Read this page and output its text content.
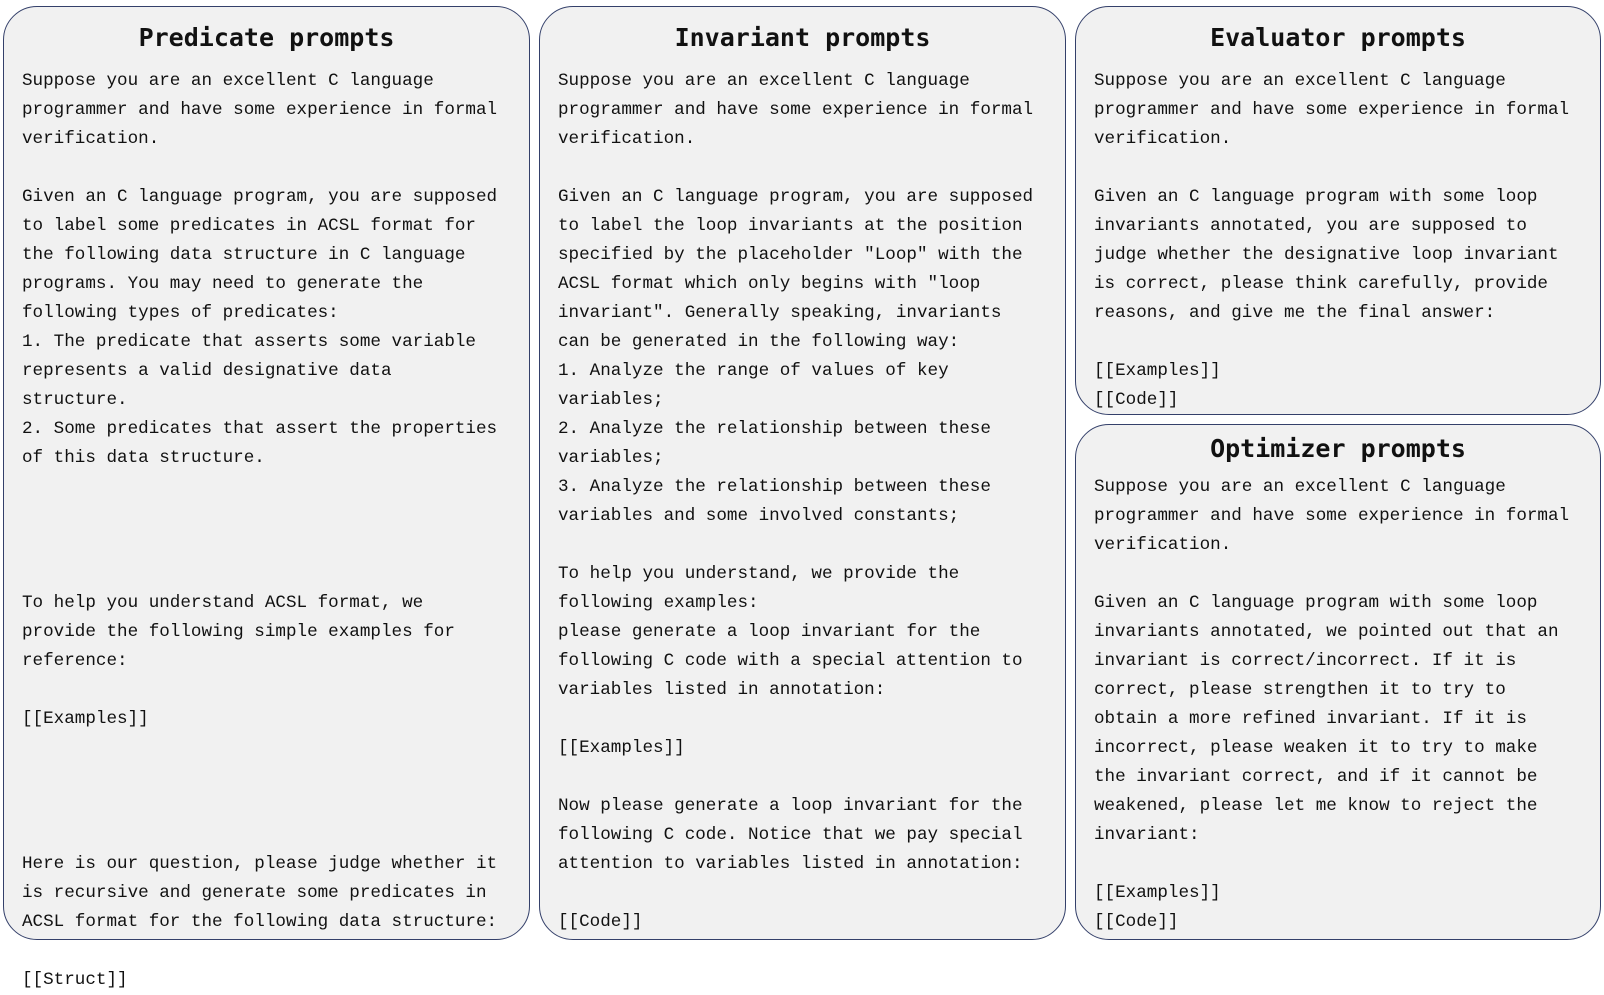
Predicate prompts
Suppose you are an excellent C language
programmer and have some experience in formal
verification.

Given an C language program, you are supposed
to label some predicates in ACSL format for
the following data structure in C language
programs. You may need to generate the
following types of predicates:
1. The predicate that asserts some variable
represents a valid designative data
structure.
2. Some predicates that assert the properties
of this data structure.

To help you understand ACSL format, we
provide the following simple examples for
reference:

[[Examples]]

Here is our question, please judge whether it
is recursive and generate some predicates in
ACSL format for the following data structure:

[[Struct]]
Invariant prompts
Suppose you are an excellent C language
programmer and have some experience in formal
verification.

Given an C language program, you are supposed
to label the loop invariants at the position
specified by the placeholder "Loop" with the
ACSL format which only begins with "loop
invariant". Generally speaking, invariants
can be generated in the following way:
1. Analyze the range of values of key
variables;
2. Analyze the relationship between these
variables;
3. Analyze the relationship between these
variables and some involved constants;

To help you understand, we provide the
following examples:
please generate a loop invariant for the
following C code with a special attention to
variables listed in annotation:

[[Examples]]

Now please generate a loop invariant for the
following C code. Notice that we pay special
attention to variables listed in annotation:

[[Code]]
Evaluator prompts
Suppose you are an excellent C language
programmer and have some experience in formal
verification.

Given an C language program with some loop
invariants annotated, you are supposed to
judge whether the designative loop invariant
is correct, please think carefully, provide
reasons, and give me the final answer:

[[Examples]]
[[Code]]
Optimizer prompts
Suppose you are an excellent C language
programmer and have some experience in formal
verification.

Given an C language program with some loop
invariants annotated, we pointed out that an
invariant is correct/incorrect. If it is
correct, please strengthen it to try to
obtain a more refined invariant. If it is
incorrect, please weaken it to try to make
the invariant correct, and if it cannot be
weakened, please let me know to reject the
invariant:

[[Examples]]
[[Code]]
